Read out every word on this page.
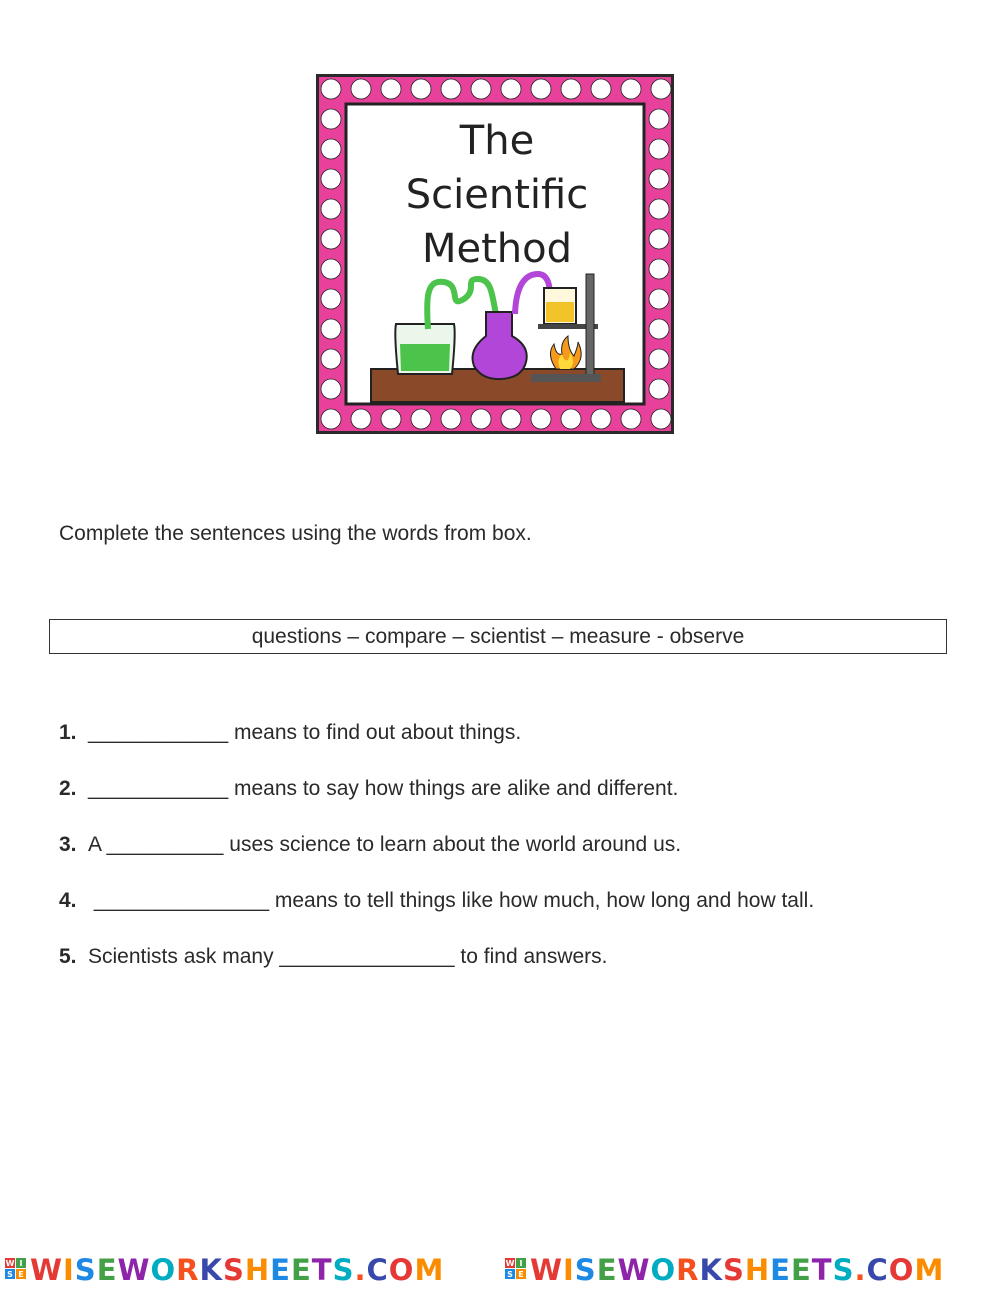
The
Scientific
Method
Complete the sentences using the words from box.
questions – compare – scientist – measure - observe
1. ____________ means to find out about things.
2. ____________ means to say how things are alike and different.
3. A __________ uses science to learn about the world around us.
4. _______________ means to tell things like how much, how long and how tall.
5. Scientists ask many _______________ to find answers.
W I
S E WISEWORKSHEETS.COM	W I
S E WISEWORKSHEETS.COM
